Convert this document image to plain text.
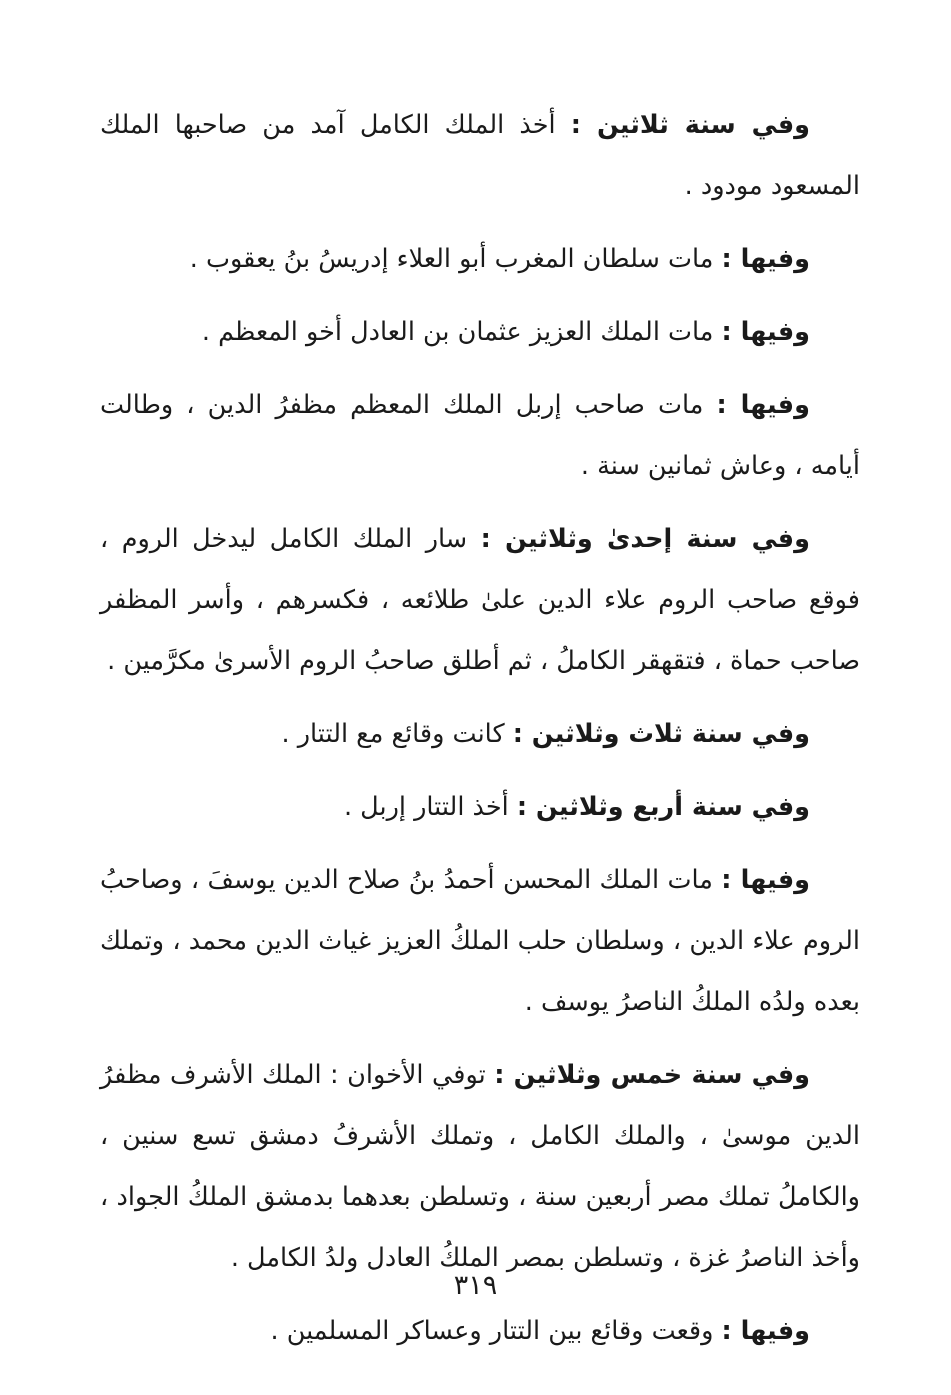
وفي سنة ثلاثين : أخذ الملك الكامل آمد من صاحبها الملك المسعود مودود .

وفيها : مات سلطان المغرب أبو العلاء إدريسُ بنُ يعقوب .

وفيها : مات الملك العزيز عثمان بن العادل أخو المعظم .

وفيها : مات صاحب إربل الملك المعظم مظفرُ الدين ، وطالت أيامه ، وعاش ثمانين سنة .

وفي سنة إحدىٰ وثلاثين : سار الملك الكامل ليدخل الروم ، فوقع صاحب الروم علاء الدين علىٰ طلائعه ، فكسرهم ، وأسر المظفر صاحب حماة ، فتقهقر الكاملُ ، ثم أطلق صاحبُ الروم الأسرىٰ مكرَّمين .

وفي سنة ثلاث وثلاثين : كانت وقائع مع التتار .

وفي سنة أربع وثلاثين : أخذ التتار إربل .

وفيها : مات الملك المحسن أحمدُ بنُ صلاح الدين يوسفَ ، وصاحبُ الروم علاء الدين ، وسلطان حلب الملكُ العزيز غياث الدين محمد ، وتملك بعده ولدُه الملكُ الناصرُ يوسف .

وفي سنة خمس وثلاثين : توفي الأخوان : الملك الأشرف مظفرُ الدين موسىٰ ، والملك الكامل ، وتملك الأشرفُ دمشق تسع سنين ، والكاملُ تملك مصر أربعين سنة ، وتسلطن بعدهما بدمشق الملكُ الجواد ، وأخذ الناصرُ غزة ، وتسلطن بمصر الملكُ العادل ولدُ الكامل .

وفيها : وقعت وقائع بين التتار وعساكر المسلمين .

٣١٩
